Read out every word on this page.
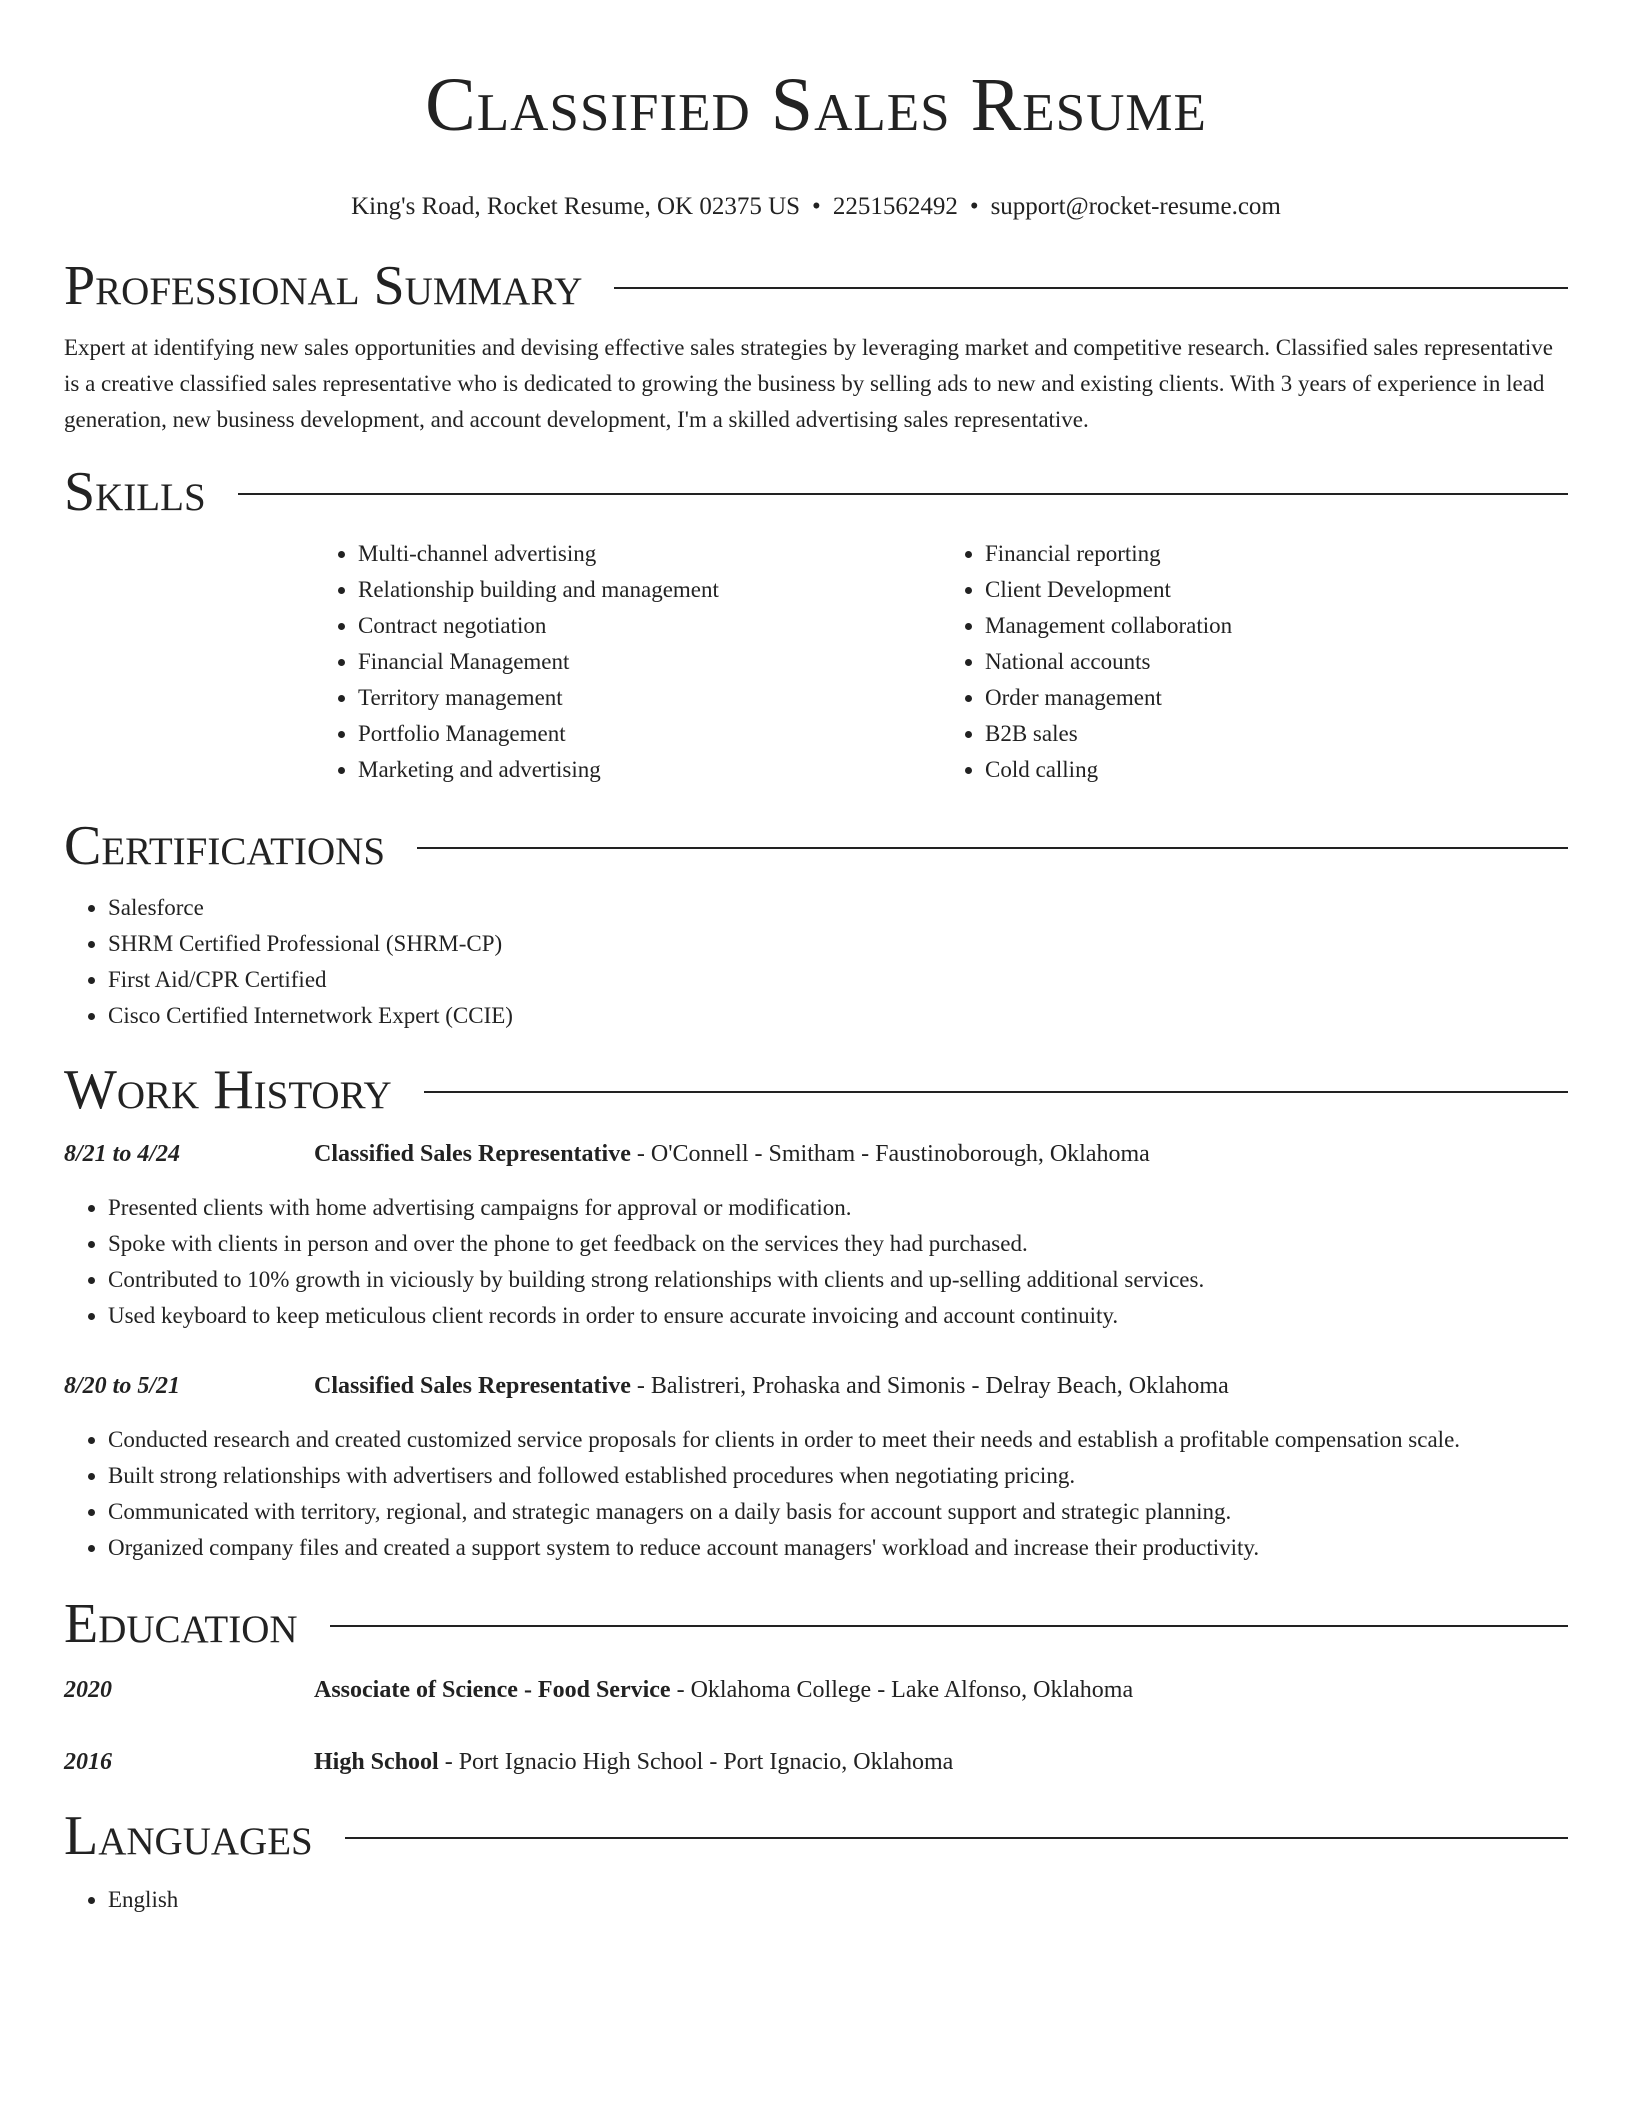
Classified Sales Resume
King's Road, Rocket Resume, OK 02375 US • 2251562492 • support@rocket-resume.com
Professional Summary

Expert at identifying new sales opportunities and devising effective sales strategies by leveraging market and competitive research. Classified sales representative is a creative classified sales representative who is dedicated to growing the business by selling ads to new and existing clients. With 3 years of experience in lead generation, new business development, and account development, I'm a skilled advertising sales representative.

Skills
• Multi-channel advertising
• Relationship building and management
• Contract negotiation
• Financial Management
• Territory management
• Portfolio Management
• Marketing and advertising
• Financial reporting
• Client Development
• Management collaboration
• National accounts
• Order management
• B2B sales
• Cold calling
Certifications
• Salesforce
• SHRM Certified Professional (SHRM-CP)
• First Aid/CPR Certified
• Cisco Certified Internetwork Expert (CCIE)
Work History
8/21 to 4/24	Classified Sales Representative - O'Connell - Smitham - Faustinoborough, Oklahoma
• Presented clients with home advertising campaigns for approval or modification.
• Spoke with clients in person and over the phone to get feedback on the services they had purchased.
• Contributed to 10% growth in viciously by building strong relationships with clients and up-selling additional services.
• Used keyboard to keep meticulous client records in order to ensure accurate invoicing and account continuity.
8/20 to 5/21	Classified Sales Representative - Balistreri, Prohaska and Simonis - Delray Beach, Oklahoma
• Conducted research and created customized service proposals for clients in order to meet their needs and establish a profitable compensation scale.
• Built strong relationships with advertisers and followed established procedures when negotiating pricing.
• Communicated with territory, regional, and strategic managers on a daily basis for account support and strategic planning.
• Organized company files and created a support system to reduce account managers' workload and increase their productivity.
Education
2020	Associate of Science - Food Service - Oklahoma College - Lake Alfonso, Oklahoma
2016	High School - Port Ignacio High School - Port Ignacio, Oklahoma
Languages
• English
